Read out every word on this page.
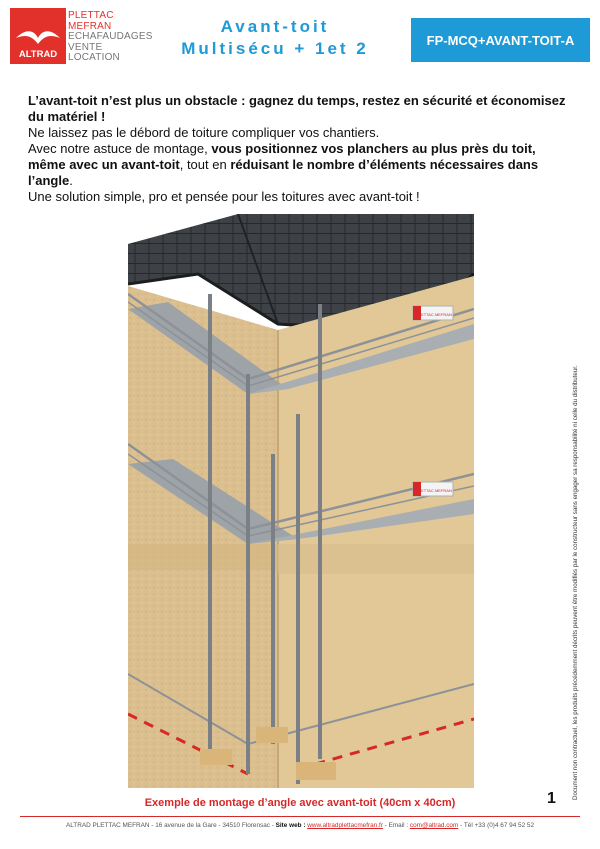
ALTRAD
PLETTAC
MEFRAN
ECHAFAUDAGES
VENTE
LOCATION
Avant-toit
Multisécu + 1et 2	FP-MCQ+AVANT-TOIT-A

L’avant-toit n’est plus un obstacle : gagnez du temps, restez en sécurité et économisez du matériel !

Ne laissez pas le débord de toiture compliquer vos chantiers.

Avec notre astuce de montage, vous positionnez vos planchers au plus près du toit, même avec un avant-toit, tout en réduisant le nombre d’éléments nécessaires dans l’angle.

Une solution simple, pro et pensée pour les toitures avec avant-toit !

PLETTAC MEFRAN
PLETTAC MEFRAN
Exemple de montage d’angle avec avant-toit (40cm x 40cm)	1	Document non contractuel, les produits précédemment décrits peuvent être modifiés par le constructeur sans engager sa responsabilité ni celle du distributeur.
ALTRAD PLETTAC MEFRAN - 16 avenue de la Gare - 34510 Florensac - Site web : www.altradplettacmefran.fr - Email : com@altrad.com - Tél +33 (0)4 67 94 52 52
